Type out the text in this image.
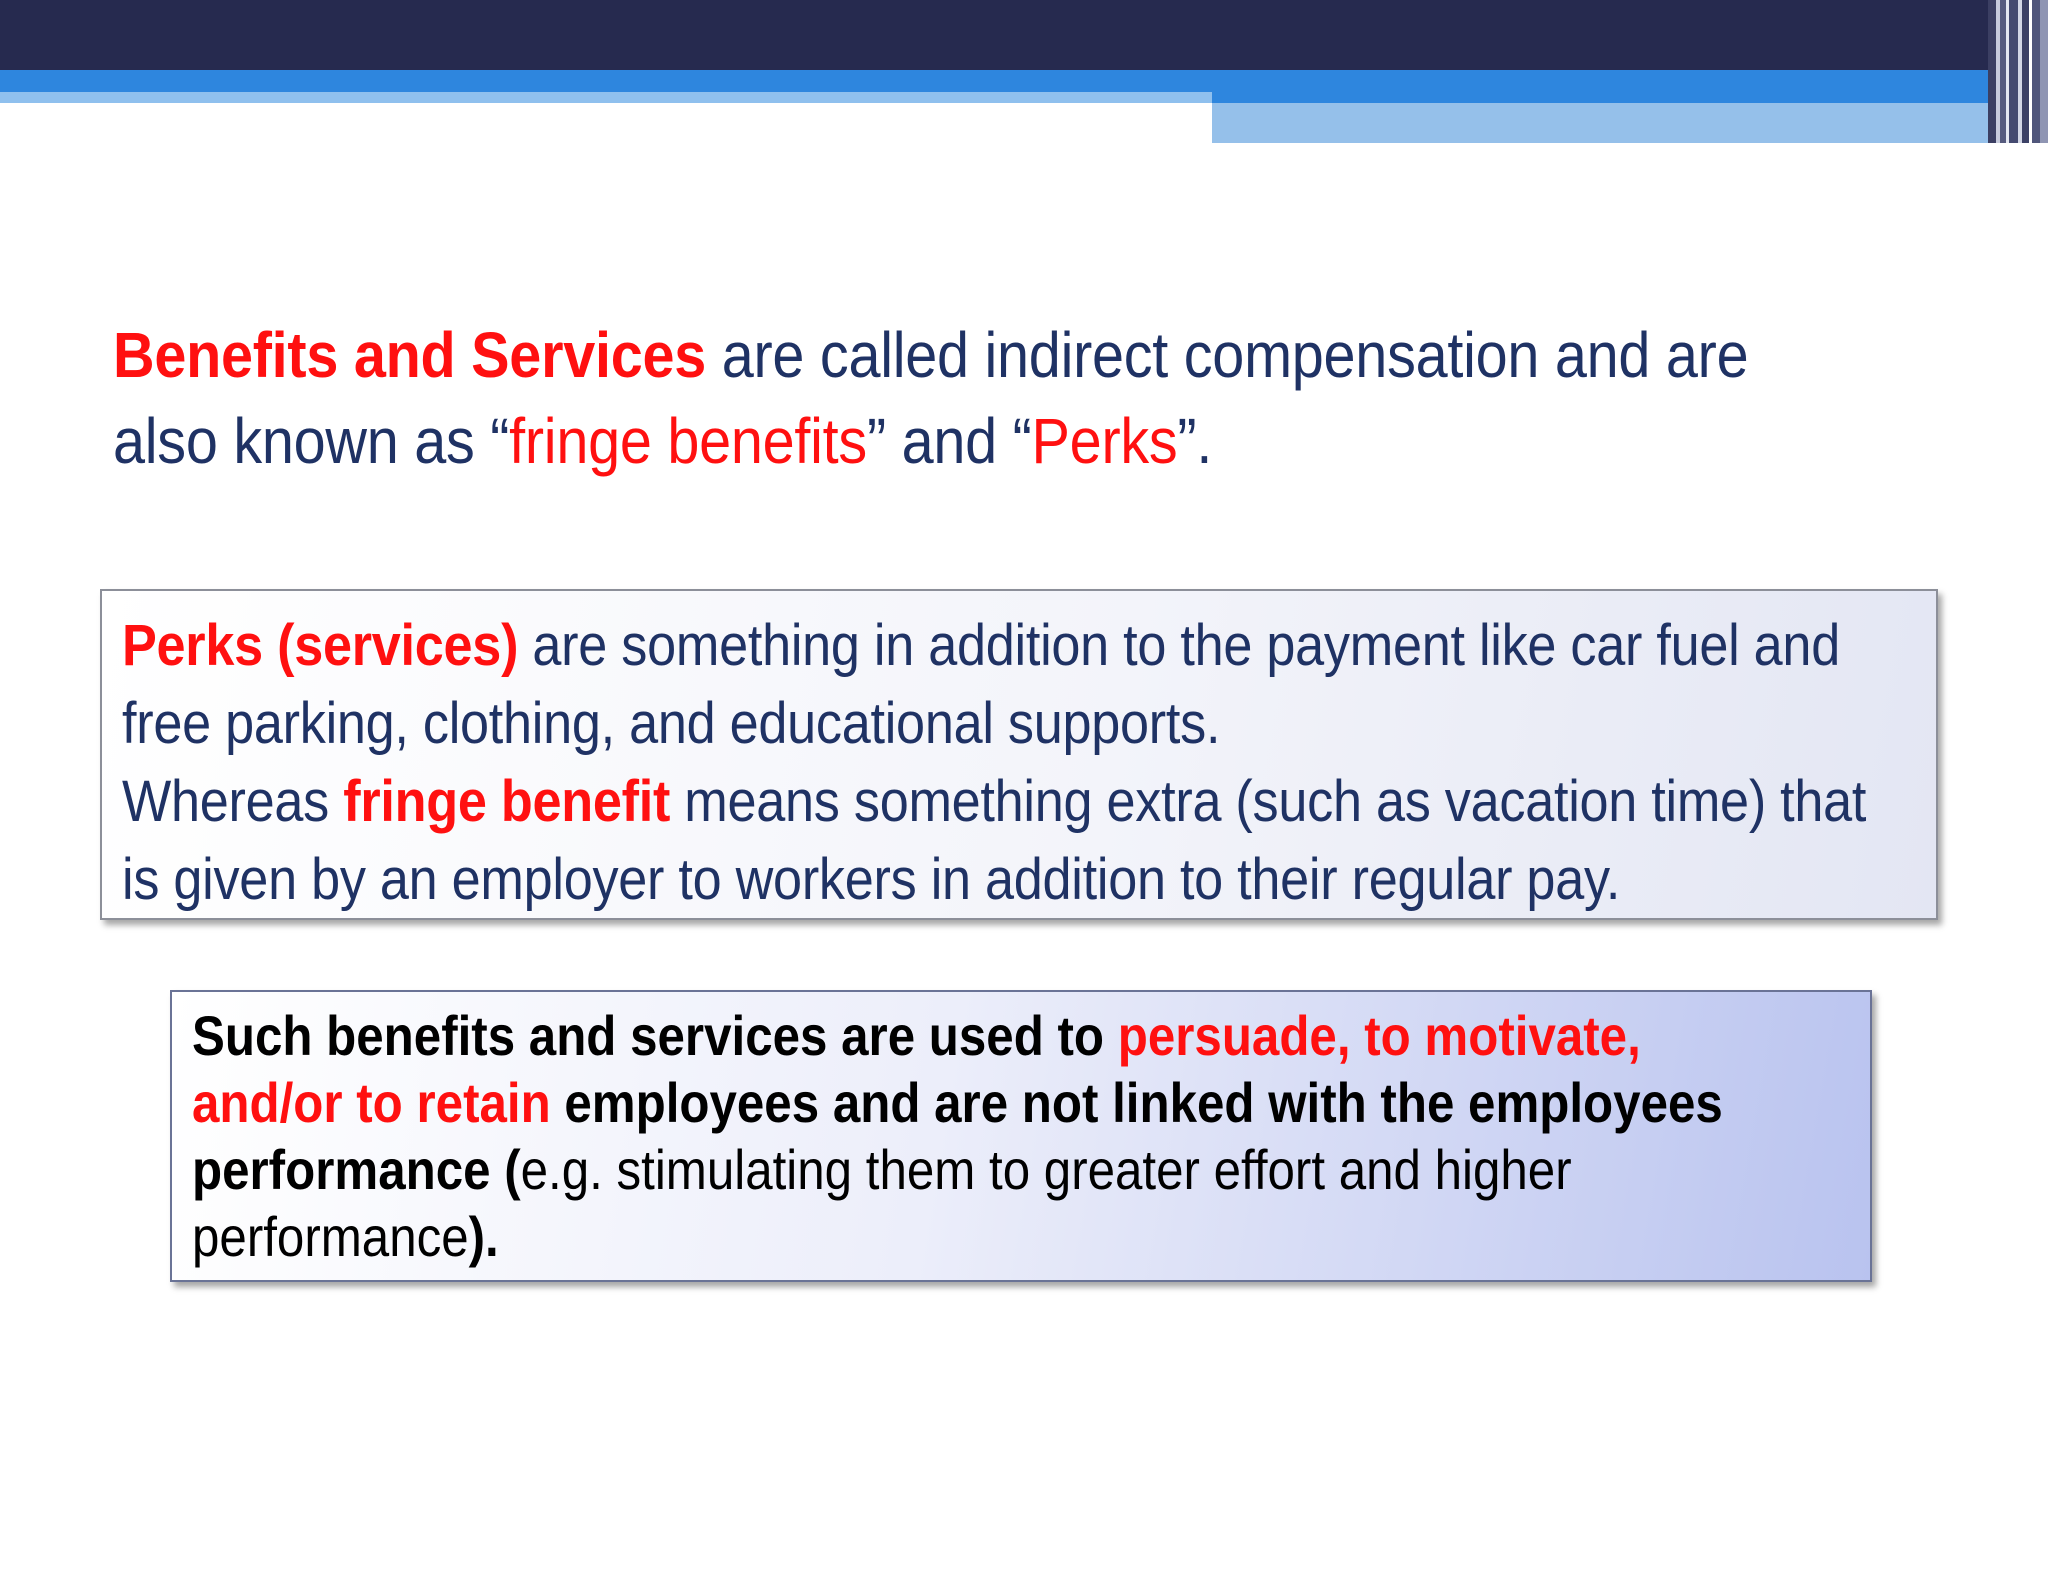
Benefits and Services are called indirect compensation and are
also known as “fringe benefits” and “Perks”.
Perks (services) are something in addition to the payment like car fuel and
free parking, clothing, and educational supports.
Whereas fringe benefit means something extra (such as vacation time) that
is given by an employer to workers in addition to their regular pay.
Such benefits and services are used to persuade, to motivate,
and/or to retain employees and are not linked with the employees
performance (e.g. stimulating them to greater effort and higher
performance).
